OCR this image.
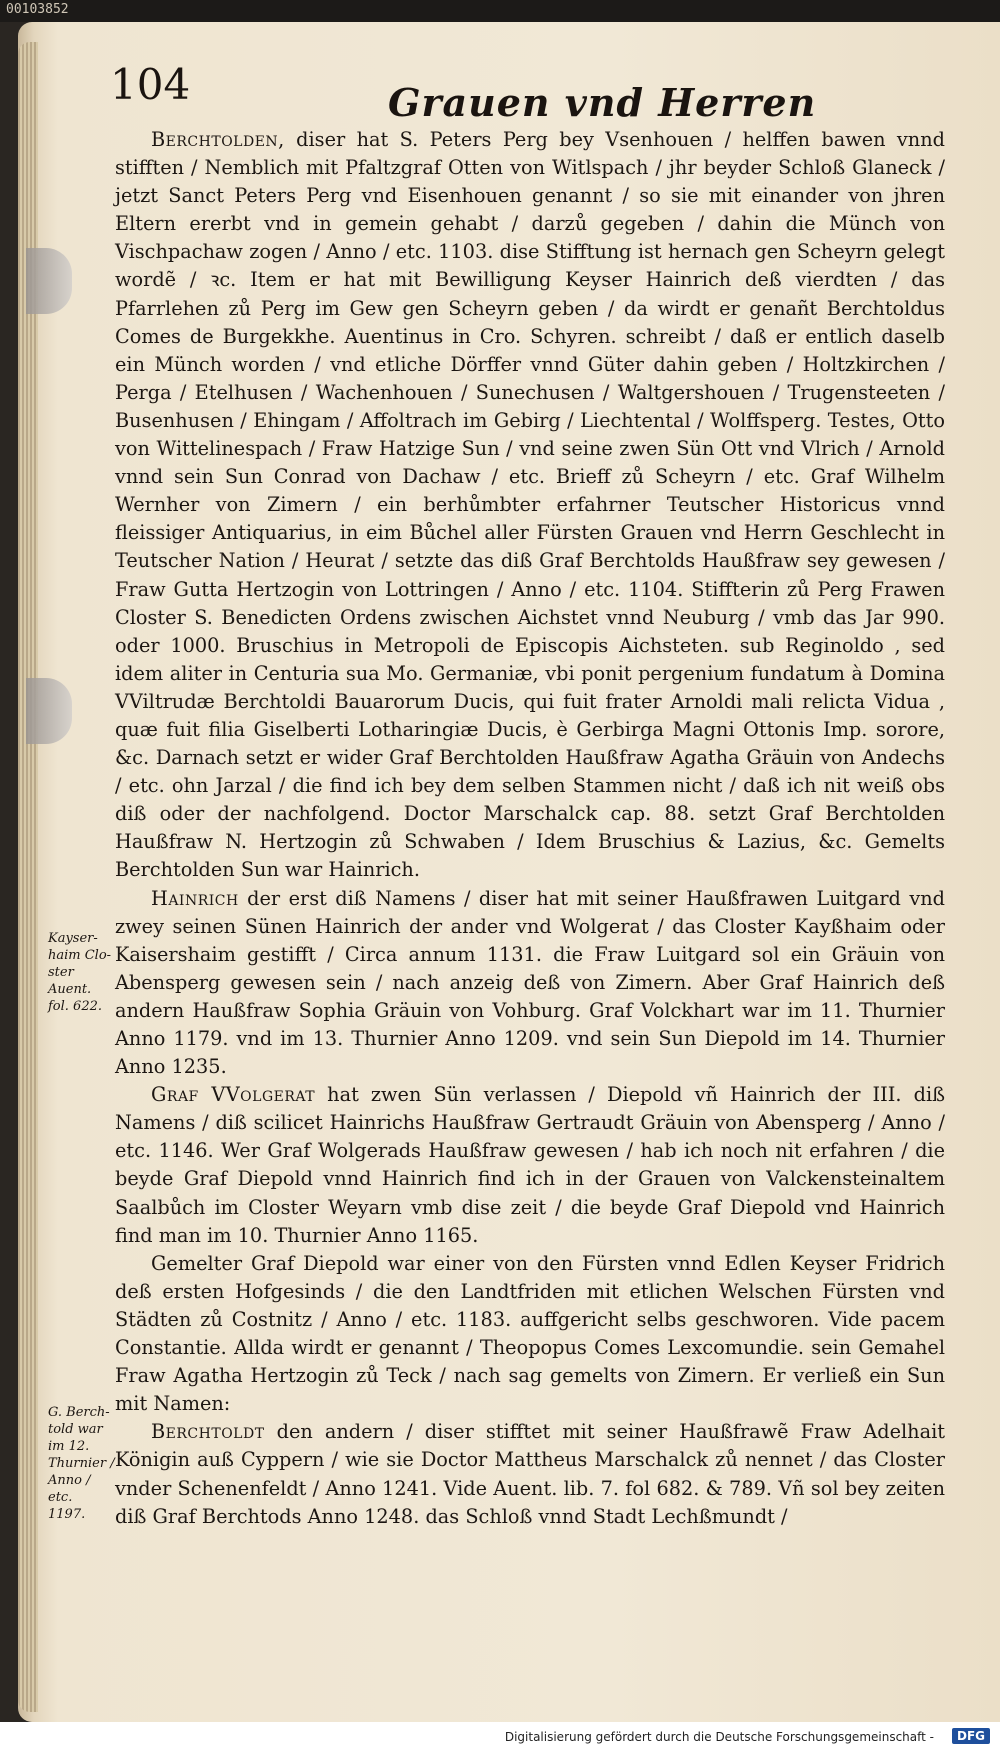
00103852
104	Grauen vnd Herren

Berchtolden, diser hat S. Peters Perg bey Vsenhouen / helffen bawen vnnd stifften / Nemblich mit Pfaltzgraf Otten von Witlspach / jhr beyder Schloß Glaneck / jetzt Sanct Peters Perg vnd Eisenhouen genannt / so sie mit einander von jhren Eltern ererbt vnd in gemein gehabt / darzů gegeben / dahin die Münch von Vischpachaw zogen / Anno / etc. 1103. dise Stifftung ist hernach gen Scheyrn gelegt wordẽ / ꝛc. Item er hat mit Bewilligung Keyser Hainrich deß vierdten / das Pfarrlehen zů Perg im Gew gen Scheyrn geben / da wirdt er genañt Berchtoldus Comes de Burgekkhe. Auentinus in Cro. Schyren. schreibt / daß er entlich daselb ein Münch worden / vnd etliche Dörffer vnnd Güter dahin geben / Holtzkirchen / Perga / Etelhusen / Wachenhouen / Sunechusen / Waltgershouen / Trugensteeten / Busenhusen / Ehingam / Affoltrach im Gebirg / Liechtental / Wolffsperg. Testes, Otto von Wittelinespach / Fraw Hatzige Sun / vnd seine zwen Sün Ott vnd Vlrich / Arnold vnnd sein Sun Conrad von Dachaw / etc. Brieff zů Scheyrn / etc. Graf Wilhelm Wernher von Zimern / ein berhůmbter erfahrner Teutscher Historicus vnnd fleissiger Antiquarius, in eim Bůchel aller Fürsten Grauen vnd Herrn Geschlecht in Teutscher Nation / Heurat / setzte das diß Graf Berchtolds Haußfraw sey gewesen / Fraw Gutta Hertzogin von Lottringen / Anno / etc. 1104. Stiffterin zů Perg Frawen Closter S. Benedicten Ordens zwischen Aichstet vnnd Neuburg / vmb das Jar 990. oder 1000. Bruschius in Metropoli de Episcopis Aichsteten. sub Reginoldo , sed idem aliter in Centuria sua Mo. Germaniæ, vbi ponit pergenium fundatum à Domina VViltrudæ Berchtoldi Bauarorum Ducis, qui fuit frater Arnoldi mali relicta Vidua , quæ fuit filia Giselberti Lotharingiæ Ducis, è Gerbirga Magni Ottonis Imp. sorore, &c. Darnach setzt er wider Graf Berchtolden Haußfraw Agatha Gräuin von Andechs / etc. ohn Jarzal / die find ich bey dem selben Stammen nicht / daß ich nit weiß obs diß oder der nachfolgend. Doctor Marschalck cap. 88. setzt Graf Berchtolden Haußfraw N. Hertzogin zů Schwaben / Idem Bruschius & Lazius, &c. Gemelts Berchtolden Sun war Hainrich.

Hainrich der erst diß Namens / diser hat mit seiner Haußfrawen Luitgard vnd zwey seinen Sünen Hainrich der ander vnd Wolgerat / das Closter Kayßhaim oder Kaisershaim gestifft / Circa annum 1131. die Fraw Luitgard sol ein Gräuin von Abensperg gewesen sein / nach anzeig deß von Zimern. Aber Graf Hainrich deß andern Haußfraw Sophia Gräuin von Vohburg. Graf Volckhart war im 11. Thurnier Anno 1179. vnd im 13. Thurnier Anno 1209. vnd sein Sun Diepold im 14. Thurnier Anno 1235.

Graf VVolgerat hat zwen Sün verlassen / Diepold vñ Hainrich der III. diß Namens / diß scilicet Hainrichs Haußfraw Gertraudt Gräuin von Abensperg / Anno / etc. 1146. Wer Graf Wolgerads Haußfraw gewesen / hab ich noch nit erfahren / die beyde Graf Diepold vnnd Hainrich find ich in der Grauen von Valckensteinaltem Saalbůch im Closter Weyarn vmb dise zeit / die beyde Graf Diepold vnd Hainrich find man im 10. Thurnier Anno 1165.

Gemelter Graf Diepold war einer von den Fürsten vnnd Edlen Keyser Fridrich deß ersten Hofgesinds / die den Landtfriden mit etlichen Welschen Fürsten vnd Städten zů Costnitz / Anno / etc. 1183. auffgericht selbs geschworen. Vide pacem Constantie. Allda wirdt er genannt / Theopopus Comes Lexcomundie. sein Gemahel Fraw Agatha Hertzogin zů Teck / nach sag gemelts von Zimern. Er verließ ein Sun mit Namen:

Berchtoldt den andern / diser stifftet mit seiner Haußfrawẽ Fraw Adelhait Königin auß Cyppern / wie sie Doctor Mattheus Marschalck zů nennet / das Closter vnder Schenenfeldt / Anno 1241. Vide Auent. lib. 7. fol 682. & 789. Vñ sol bey zeiten diß Graf Berchtods Anno 1248. das Schloß vnnd Stadt Lechßmundt /

Kayser-
haim Clo-
ster Auent.
fol. 622.
G. Berch-
told war
im 12.
Thurnier /
Anno / etc.
1197.
Digitalisierung gefördert durch die Deutsche Forschungsgemeinschaft -	DFG
